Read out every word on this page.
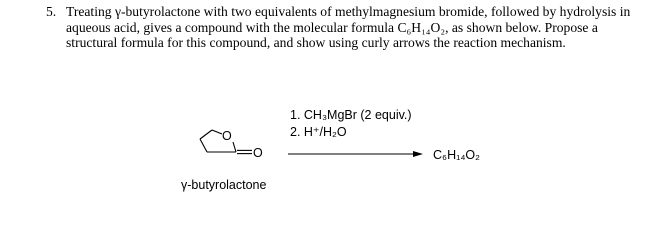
5. Treating γ-butyrolactone with two equivalents of methylmagnesium bromide, followed by hydrolysis in aqueous acid, gives a compound with the molecular formula C₆H₁₄O₂, as shown below. Propose a structural formula for this compound, and show using curly arrows the reaction mechanism.
O
O
1. CH₃MgBr (2 equiv.)
2. H⁺/H₂O
C₆H₁₄O₂
γ-butyrolactone
